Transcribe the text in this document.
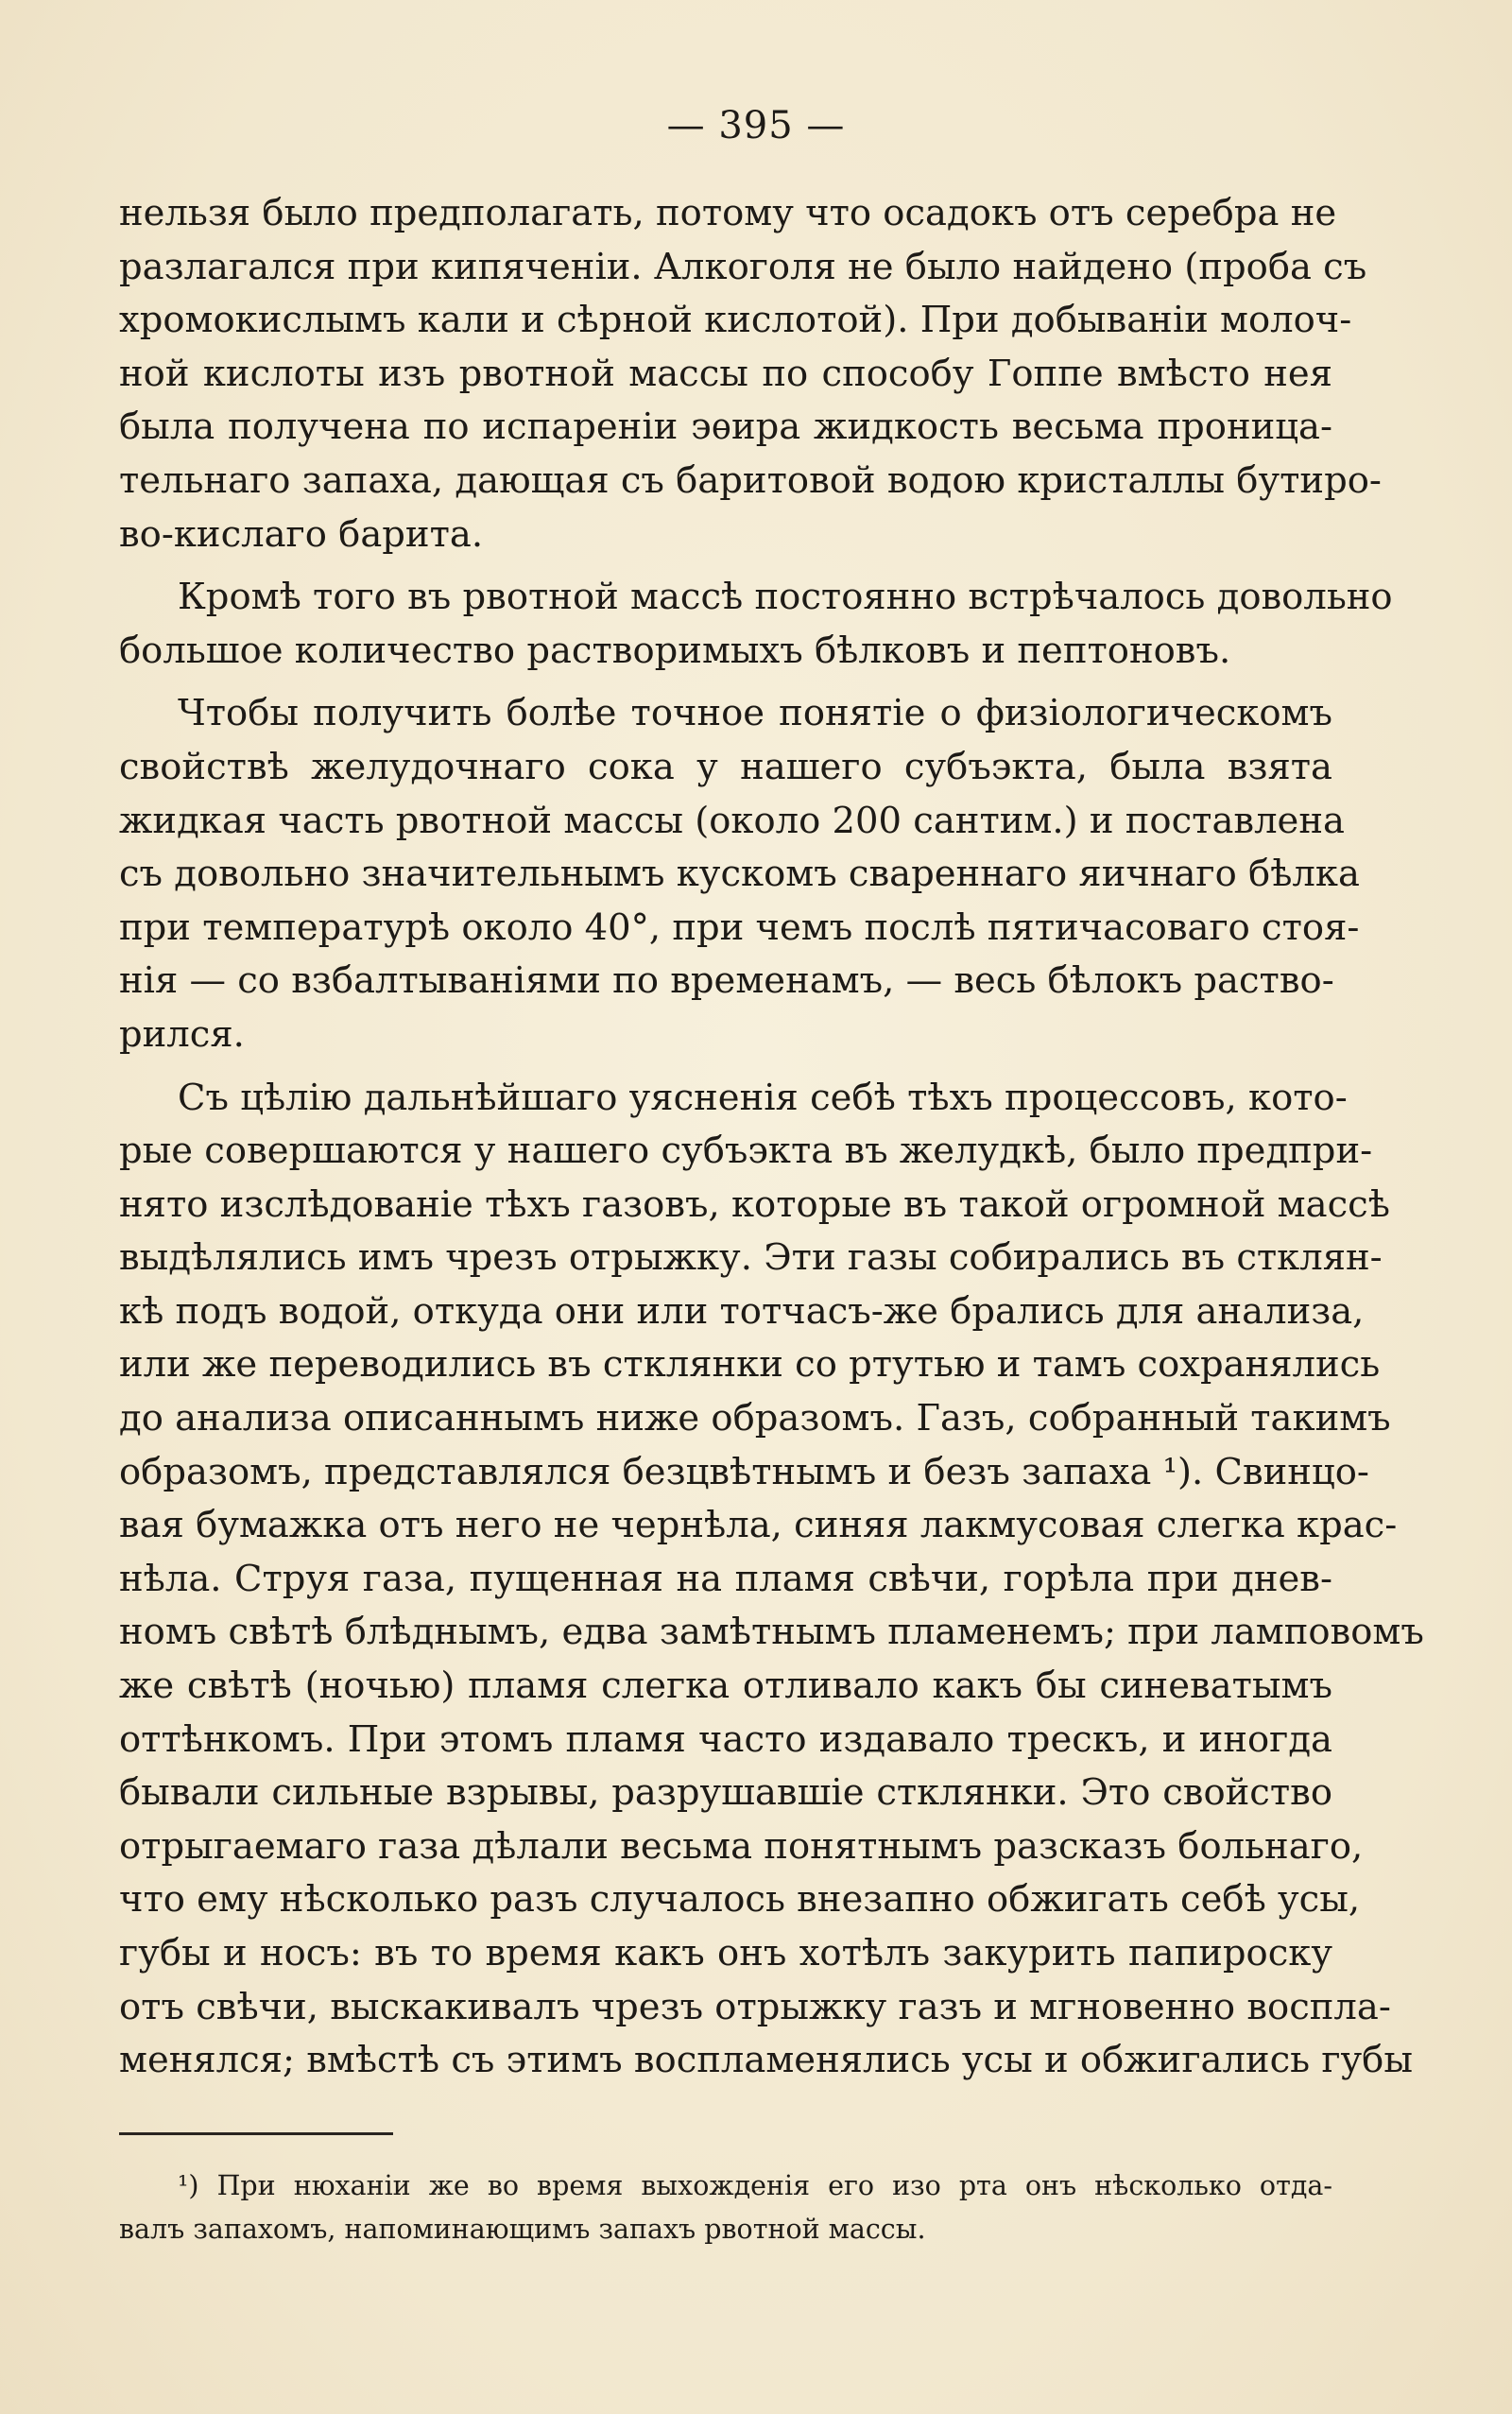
— 395 —
нельзя было предполагать, потому что осадокъ отъ серебра не
разлагался при кипяченіи. Алкоголя не было найдено (проба съ
хромокислымъ кали и сѣрной кислотой). При добываніи молоч-
ной кислоты изъ рвотной массы по способу Гоппе вмѣсто нея
была получена по испареніи эѳира жидкость весьма проница-
тельнаго запаха, дающая съ баритовой водою кристаллы бутиро-
во-кислаго барита.
Кромѣ того въ рвотной массѣ постоянно встрѣчалось довольно
большое количество растворимыхъ бѣлковъ и пептоновъ.
Чтобы получить болѣе точное понятіе о физіологическомъ
свойствѣ желудочнаго сока у нашего субъэкта, была взята
жидкая часть рвотной массы (около 200 сантим.) и поставлена
съ довольно значительнымъ кускомъ свареннаго яичнаго бѣлка
при температурѣ около 40°, при чемъ послѣ пятичасоваго стоя-
нія — со взбалтываніями по временамъ, — весь бѣлокъ раство-
рился.
Съ цѣлію дальнѣйшаго уясненія себѣ тѣхъ процессовъ, кото-
рые совершаются у нашего субъэкта въ желудкѣ, было предпри-
нято изслѣдованіе тѣхъ газовъ, которые въ такой огромной массѣ
выдѣлялись имъ чрезъ отрыжку. Эти газы собирались въ стклян-
кѣ подъ водой, откуда они или тотчасъ-же брались для анализа,
или же переводились въ стклянки со ртутью и тамъ сохранялись
до анализа описаннымъ ниже образомъ. Газъ, собранный такимъ
образомъ, представлялся безцвѣтнымъ и безъ запаха ¹). Свинцо-
вая бумажка отъ него не чернѣла, синяя лакмусовая слегка крас-
нѣла. Струя газа, пущенная на пламя свѣчи, горѣла при днев-
номъ свѣтѣ блѣднымъ, едва замѣтнымъ пламенемъ; при ламповомъ
же свѣтѣ (ночью) пламя слегка отливало какъ бы синеватымъ
оттѣнкомъ. При этомъ пламя часто издавало трескъ, и иногда
бывали сильные взрывы, разрушавшіе стклянки. Это свойство
отрыгаемаго газа дѣлали весьма понятнымъ разсказъ больнаго,
что ему нѣсколько разъ случалось внезапно обжигать себѣ усы,
губы и носъ: въ то время какъ онъ хотѣлъ закурить папироску
отъ свѣчи, выскакивалъ чрезъ отрыжку газъ и мгновенно воспла-
менялся; вмѣстѣ съ этимъ воспламенялись усы и обжигались губы
¹) При нюханіи же во время выхожденія его изо рта онъ нѣсколько отда-
валъ запахомъ, напоминающимъ запахъ рвотной массы.
